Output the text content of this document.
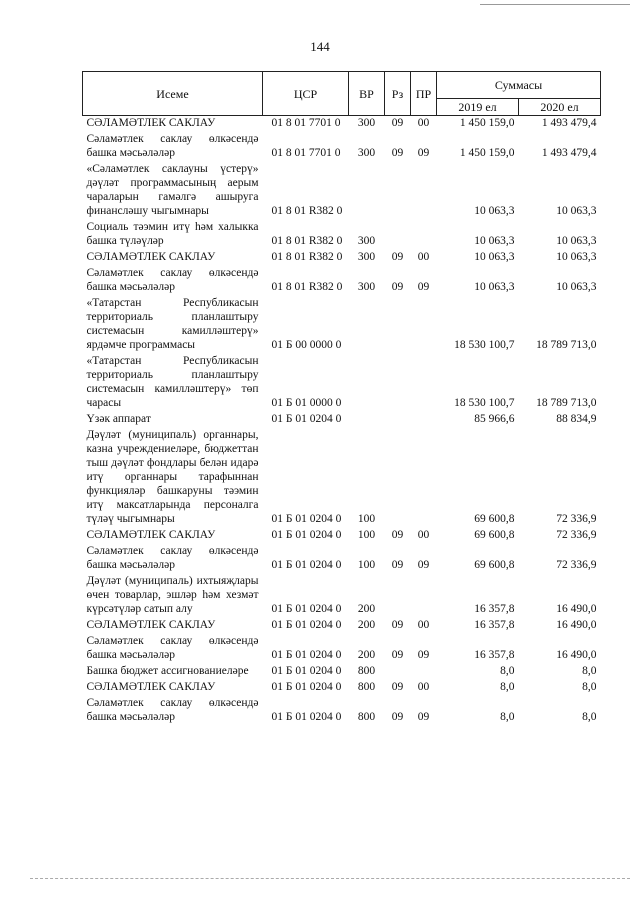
144
Исеме	ЦСР	ВР	Рз	ПР	Суммасы	
					2019 ел	2020 ел
СӘЛАМӘТЛЕК САКЛАУ	01 8 01 7701 0	300	09	00	1 450 159,0	1 493 479,4
Сәламәтлек саклау өлкәсендә башка мәсьәләләр	01 8 01 7701 0	300	09	09	1 450 159,0	1 493 479,4
«Сәламәтлек саклауны үстерү» дәүләт программасының аерым чараларын гамәлгә ашыруга финансләшу чыгымнары	01 8 01 R382 0				10 063,3	10 063,3
Социаль тәэмин итү һәм халыкка башка түләүләр	01 8 01 R382 0	300			10 063,3	10 063,3
СӘЛАМӘТЛЕК САКЛАУ	01 8 01 R382 0	300	09	00	10 063,3	10 063,3
Сәламәтлек саклау өлкәсендә башка мәсьәләләр	01 8 01 R382 0	300	09	09	10 063,3	10 063,3
«Татарстан Республикасын территориаль планлаштыру системасын камилләштерү» ярдәмче программасы	01 Б 00 0000 0				18 530 100,7	18 789 713,0
«Татарстан Республикасын территориаль планлаштыру системасын камилләштерү» төп чарасы	01 Б 01 0000 0				18 530 100,7	18 789 713,0
Үзәк аппарат	01 Б 01 0204 0				85 966,6	88 834,9
Дәүләт (муниципаль) органнары, казна учреждениеләре, бюджеттан тыш дәүләт фондлары белән идарә итү органнары тарафыннан функцияләр башкаруны тәэмин итү максатларында персоналга түләү чыгымнары	01 Б 01 0204 0	100			69 600,8	72 336,9
СӘЛАМӘТЛЕК САКЛАУ	01 Б 01 0204 0	100	09	00	69 600,8	72 336,9
Сәламәтлек саклау өлкәсендә башка мәсьәләләр	01 Б 01 0204 0	100	09	09	69 600,8	72 336,9
Дәүләт (муниципаль) ихтыяҗлары өчен товарлар, эшләр һәм хезмәт күрсәтүләр сатып алу	01 Б 01 0204 0	200			16 357,8	16 490,0
СӘЛАМӘТЛЕК САКЛАУ	01 Б 01 0204 0	200	09	00	16 357,8	16 490,0
Сәламәтлек саклау өлкәсендә башка мәсьәләләр	01 Б 01 0204 0	200	09	09	16 357,8	16 490,0
Башка бюджет ассигнованиеләре	01 Б 01 0204 0	800			8,0	8,0
СӘЛАМӘТЛЕК САКЛАУ	01 Б 01 0204 0	800	09	00	8,0	8,0
Сәламәтлек саклау өлкәсендә башка мәсьәләләр	01 Б 01 0204 0	800	09	09	8,0	8,0
